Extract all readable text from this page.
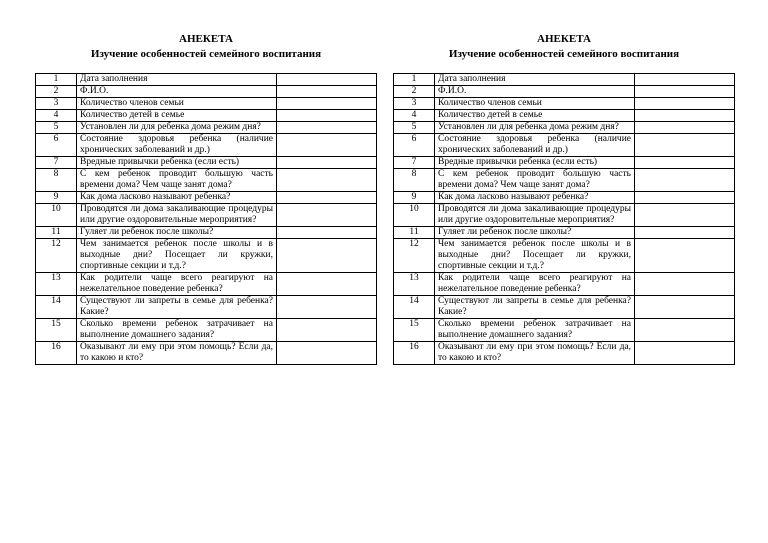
АНЕКЕТА
Изучение особенностей семейного воспитания
1	Дата заполнения	
2	Ф.И.О.	
3	Количество членов семьи	
4	Количество детей в семье	
5	Установлен ли для ребенка дома режим дня?	
6	Состояние здоровья ребенка (наличие хронических заболеваний и др.)	
7	Вредные привычки ребенка (если есть)	
8	С кем ребенок проводит большую часть времени дома? Чем чаще занят дома?	
9	Как дома ласково называют ребенка?	
10	Проводятся ли дома закаливающие процедуры или другие оздоровительные мероприятия?	
11	Гуляет ли ребенок после школы?	
12	Чем занимается ребенок после школы и в выходные дни? Посещает ли кружки, спортивные секции и т.д.?	
13	Как родители чаще всего реагируют на нежелательное поведение ребенка?	
14	Существуют ли запреты в семье для ребенка? Какие?	
15	Сколько времени ребенок затрачивает на выполнение домашнего задания?	
16	Оказывают ли ему при этом помощь? Если да, то какою и кто?	
АНЕКЕТА
Изучение особенностей семейного воспитания
1	Дата заполнения	
2	Ф.И.О.	
3	Количество членов семьи	
4	Количество детей в семье	
5	Установлен ли для ребенка дома режим дня?	
6	Состояние здоровья ребенка (наличие хронических заболеваний и др.)	
7	Вредные привычки ребенка (если есть)	
8	С кем ребенок проводит большую часть времени дома? Чем чаще занят дома?	
9	Как дома ласково называют ребенка?	
10	Проводятся ли дома закаливающие процедуры или другие оздоровительные мероприятия?	
11	Гуляет ли ребенок после школы?	
12	Чем занимается ребенок после школы и в выходные дни? Посещает ли кружки, спортивные секции и т.д.?	
13	Как родители чаще всего реагируют на нежелательное поведение ребенка?	
14	Существуют ли запреты в семье для ребенка? Какие?	
15	Сколько времени ребенок затрачивает на выполнение домашнего задания?	
16	Оказывают ли ему при этом помощь? Если да, то какою и кто?	
